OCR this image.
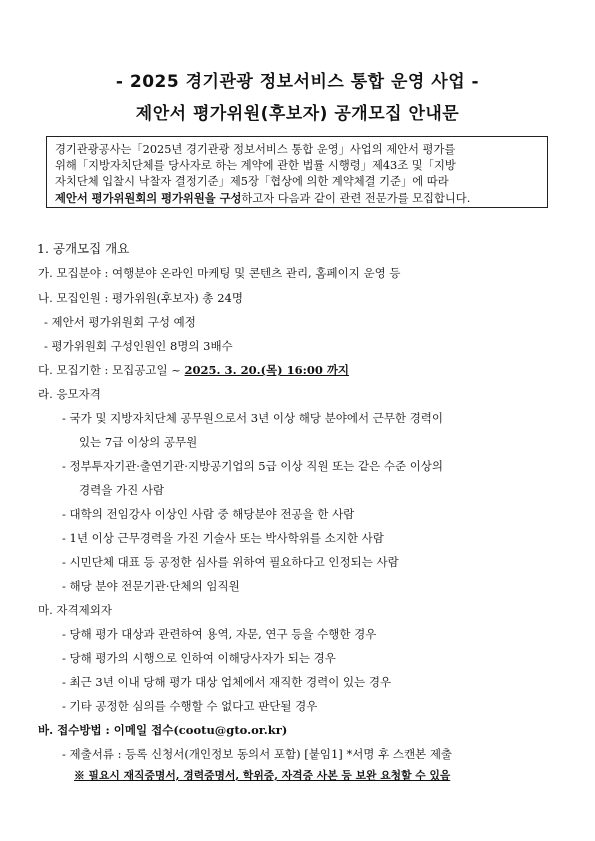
- 2025 경기관광 정보서비스 통합 운영 사업 -
제안서 평가위원(후보자) 공개모집 안내문
경기관광공사는「2025년 경기관광 정보서비스 통합 운영」사업의 제안서 평가를
위해「지방자치단체를 당사자로 하는 계약에 관한 법률 시행령」제43조 및「지방
자치단체 입찰시 낙찰자 결정기준」제5장「협상에 의한 계약체결 기준」에 따라
제안서 평가위원회의 평가위원을 구성하고자 다음과 같이 관련 전문가를 모집합니다.
1. 공개모집 개요
가. 모집분야 : 여행분야 온라인 마케팅 및 콘텐츠 관리, 홈페이지 운영 등
나. 모집인원 : 평가위원(후보자) 총 24명
- 제안서 평가위원회 구성 예정
- 평가위원회 구성인원인 8명의 3배수
다. 모집기한 : 모집공고일 ~ 2025. 3. 20.(목) 16:00 까지
라. 응모자격
- 국가 및 지방자치단체 공무원으로서 3년 이상 해당 분야에서 근무한 경력이
있는 7급 이상의 공무원
- 정부투자기관·출연기관·지방공기업의 5급 이상 직원 또는 같은 수준 이상의
경력을 가진 사람
- 대학의 전임강사 이상인 사람 중 해당분야 전공을 한 사람
- 1년 이상 근무경력을 가진 기술사 또는 박사학위를 소지한 사람
- 시민단체 대표 등 공정한 심사를 위하여 필요하다고 인정되는 사람
- 해당 분야 전문기관·단체의 임직원
마. 자격제외자
- 당해 평가 대상과 관련하여 용역, 자문, 연구 등을 수행한 경우
- 당해 평가의 시행으로 인하여 이해당사자가 되는 경우
- 최근 3년 이내 당해 평가 대상 업체에서 재직한 경력이 있는 경우
- 기타 공정한 심의를 수행할 수 없다고 판단될 경우
바. 접수방법 : 이메일 접수(cootu@gto.or.kr)
- 제출서류 : 등록 신청서(개인정보 동의서 포함) [붙임1] *서명 후 스캔본 제출
※ 필요시 재직증명서, 경력증명서, 학위증, 자격증 사본 등 보완 요청할 수 있음
